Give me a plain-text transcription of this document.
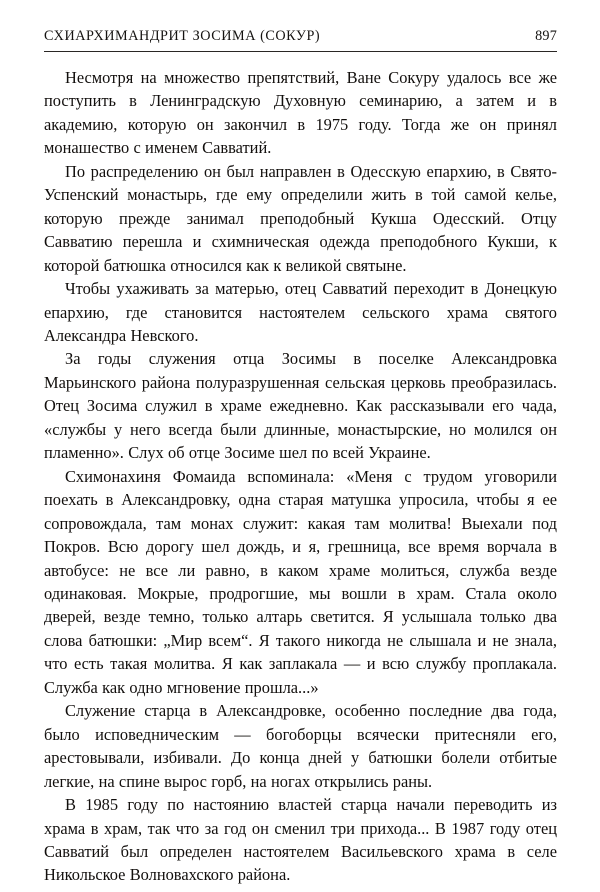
СХИАРХИМАНДРИТ ЗОСИМА (СОКУР)	897

Несмотря на множество препятствий, Ване Сокуру удалось все же поступить в Ленинградскую Духовную семинарию, а затем и в академию, которую он закончил в 1975 году. Тогда же он принял монашество с именем Савватий.

По распределению он был направлен в Одесскую епархию, в Свято-Успенский монастырь, где ему определили жить в той самой келье, которую прежде занимал преподобный Кукша Одесский. Отцу Савватию перешла и схимническая одежда преподобного Кукши, к которой батюшка относился как к великой святыне.

Чтобы ухаживать за матерью, отец Савватий переходит в Донецкую епархию, где становится настоятелем сельского храма святого Александра Невского.

За годы служения отца Зосимы в поселке Александровка Марьинского района полуразрушенная сельская церковь преобразилась. Отец Зосима служил в храме ежедневно. Как рассказывали его чада, «службы у него всегда были длинные, монастырские, но молился он пламенно». Слух об отце Зосиме шел по всей Украине.

Схимонахиня Фомаида вспоминала: «Меня с трудом уговорили поехать в Александровку, одна старая матушка упросила, чтобы я ее сопровождала, там монах служит: какая там молитва! Выехали под Покров. Всю дорогу шел дождь, и я, грешница, все время ворчала в автобусе: не все ли равно, в каком храме молиться, служба везде одинаковая. Мокрые, продрогшие, мы вошли в храм. Стала около дверей, везде темно, только алтарь светится. Я услышала только два слова батюшки: „Мир всем“. Я такого никогда не слышала и не знала, что есть такая молитва. Я как заплакала — и всю службу проплакала. Служба как одно мгновение прошла...»

Служение старца в Александровке, особенно последние два года, было исповедническим — богоборцы всячески притесняли его, арестовывали, избивали. До конца дней у батюшки болели отбитые легкие, на спине вырос горб, на ногах открылись раны.

В 1985 году по настоянию властей старца начали переводить из храма в храм, так что за год он сменил три прихода... В 1987 году отец Савватий был определен настоятелем Васильевского храма в селе Никольское Волновахского района.
